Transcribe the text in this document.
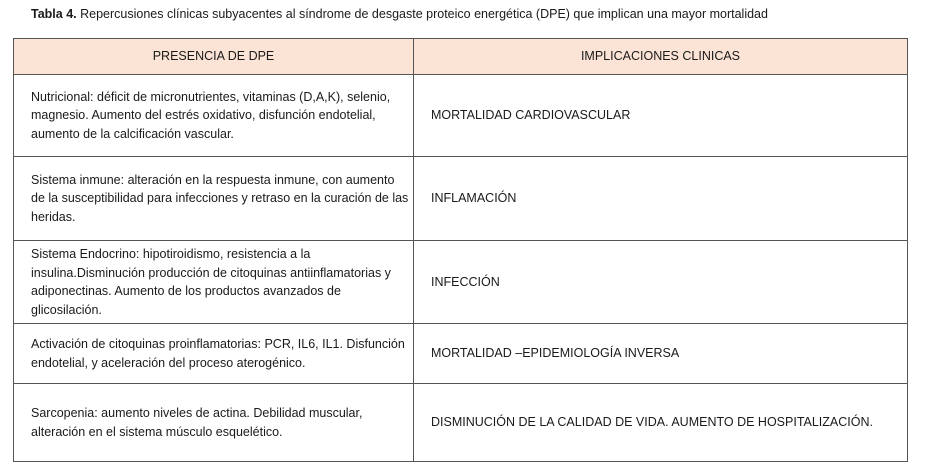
Tabla 4. Repercusiones clínicas subyacentes al síndrome de desgaste proteico energética (DPE) que implican una mayor mortalidad
PRESENCIA DE DPE	IMPLICACIONES CLINICAS

Nutricional: déficit de micronutrientes, vitaminas (D,A,K), selenio, magnesio. Aumento del estrés oxidativo, disfunción endotelial, aumento de la calcificación vascular.	MORTALIDAD CARDIOVASCULAR

Sistema inmune: alteración en la respuesta inmune, con aumento de la susceptibilidad para infecciones y retraso en la curación de las heridas.	INFLAMACIÓN

Sistema Endocrino: hipotiroidismo, resistencia a la insulina.Disminución producción de citoquinas antiinflamatorias y adiponectinas. Aumento de los productos avanzados de glicosilación.	INFECCIÓN

Activación de citoquinas proinflamatorias: PCR, IL6, IL1. Disfunción endotelial, y aceleración del proceso aterogénico.	MORTALIDAD –EPIDEMIOLOGÍA INVERSA

Sarcopenia: aumento niveles de actina. Debilidad muscular, alteración en el sistema músculo esquelético.	DISMINUCIÓN DE LA CALIDAD DE VIDA. AUMENTO DE HOSPITALIZACIÓN.
